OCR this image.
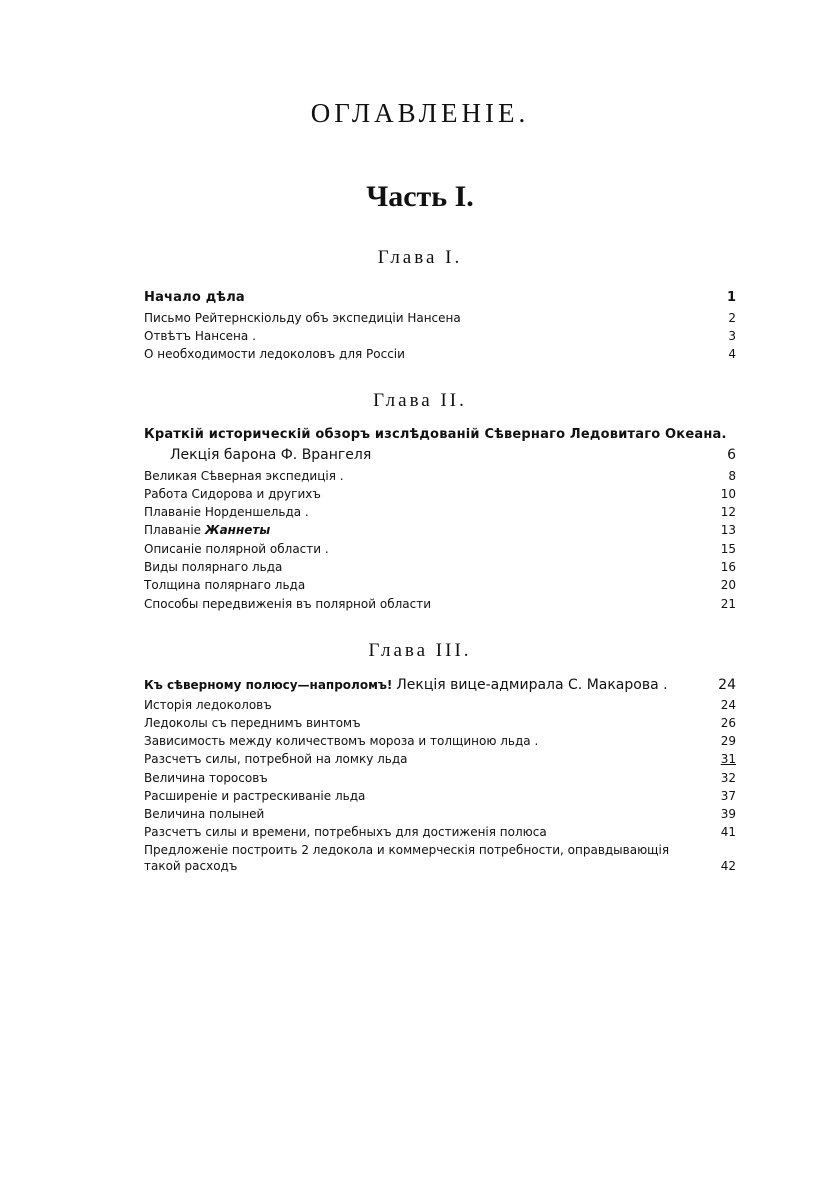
ОГЛАВЛЕНІЕ.
Часть I.
Глава I.
Начало дѣла	1
Письмо Рейтернскіольду объ экспедиціи Нансена	2
Отвѣтъ Нансена .	3
О необходимости ледоколовъ для Россіи	4
Глава II.
Краткій историческій обзоръ изслѣдованій Сѣвернаго Ледовитаго Океана.
Лекція барона Ф. Врангеля	6
Великая Сѣверная экспедиція .	8
Работа Сидорова и другихъ	10
Плаваніе Норденшельда .	12
Плаваніе Жаннеты	13
Описаніе полярной области .	15
Виды полярнаго льда	16
Толщина полярнаго льда	20
Способы передвиженія въ полярной области	21
Глава III.
Къ сѣверному полюсу—напроломъ! Лекція вице-адмирала С. Макарова .	24
Исторія ледоколовъ	24
Ледоколы съ переднимъ винтомъ	26
Зависимость между количествомъ мороза и толщиною льда .	29
Разсчетъ силы, потребной на ломку льда	31
Величина торосовъ	32
Расширеніе и растрескиваніе льда	37
Величина полыней	39
Разсчетъ силы и времени, потребныхъ для достиженія полюса	41
Предложеніе построить 2 ледокола и коммерческія потребности, оправдывающія такой расходъ	42
